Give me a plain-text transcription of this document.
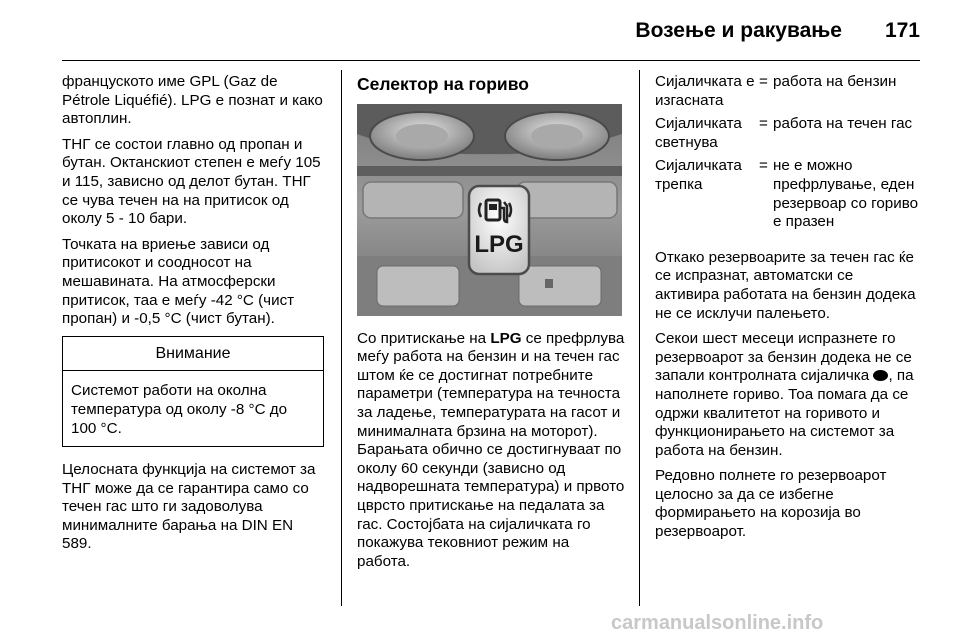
Возење и ракување 171

француското име GPL (Gaz de Pétrole Liquéfié). LPG е познат и како автоплин.

ТНГ се состои главно од пропан и бутан. Октанскиот степен е меѓу 105 и 115, зависно од делот бутан. ТНГ се чува течен на на притисок од околу 5 - 10 бари.

Точката на вриење зависи од притисокот и соодносот на мешавината. На атмосферски притисок, таа е меѓу -42 °C (чист пропан) и -0,5 °C (чист бутан).

Внимание
Системот работи на околна температура од околу -8 °C до 100 °C.

Целосната функција на системот за ТНГ може да се гарантира само со течен гас што ги задоволува минималните барања на DIN EN 589.

Селектор на гориво
LPG

Со притискање на LPG се префрлува меѓу работа на бензин и на течен гас штом ќе се достигнат потребните параметри (температура на течноста за ладење, температурата на гасот и минималната брзина на моторот). Барањата обично се достигнуваат по околу 60 секунди (зависно од надворешната температура) и првото цврсто притискање на педалата за гас. Состојбата на сијаличката го покажува тековниот режим на работа.

Сијаличката е изгасната	=	работа на бензин
Сијаличката светнува	=	работа на течен гас
Сијаличката трепка	=	не е можно префрлување, еден резервоар со гориво е празен

Откако резервоарите за течен гас ќе се испразнат, автоматски се активира работата на бензин додека не се исклучи палењето.

Секои шест месеци испразнете го резервоарот за бензин додека не се запали контролната сијаличка , па наполнете гориво. Тоа помага да се одржи квалитетот на горивото и функционирањето на системот за работа на бензин.

Редовно полнете го резервоарот целосно за да се избегне формирањето на корозија во резервоарот.

carmanualsonline.info
